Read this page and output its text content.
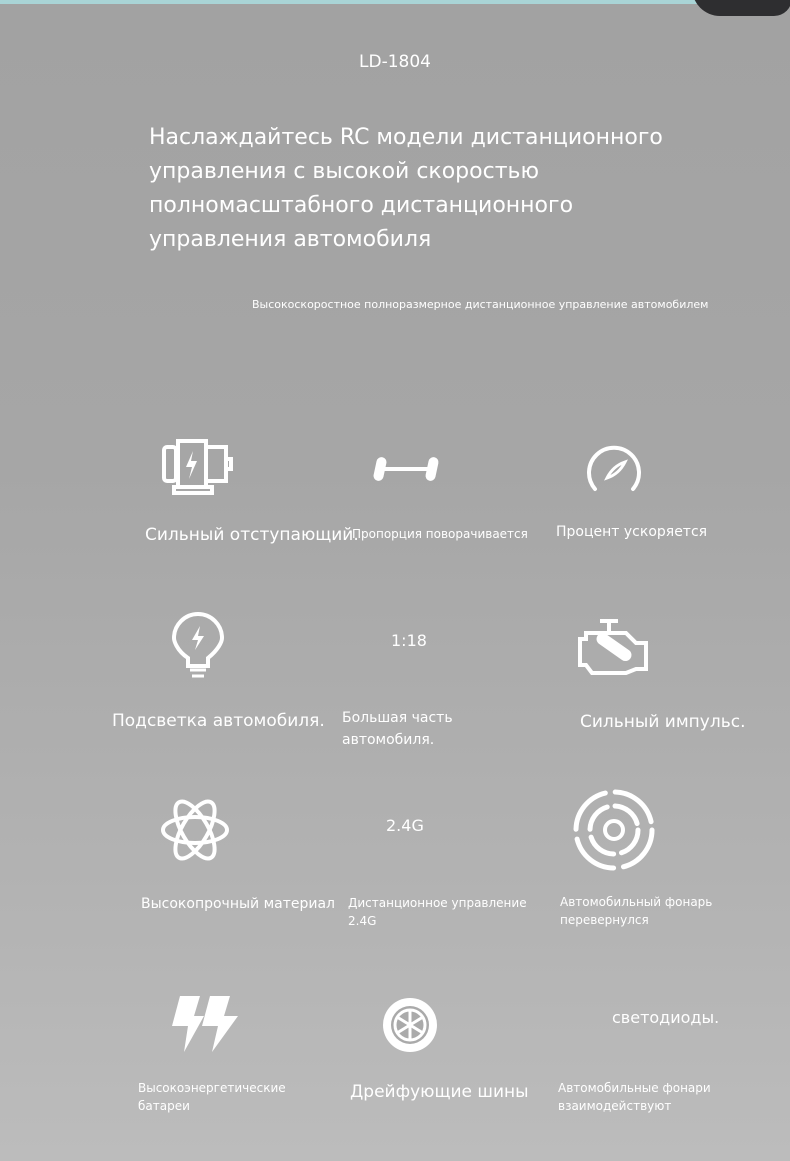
LD-1804
Наслаждайтесь RC модели дистанционного управления с высокой скоростью полномасштабного дистанционного управления автомобиля
Высокоскоростное полноразмерное дистанционное управление автомобилем
Сильный отступающий.
Пропорция поворачивается Процент ускоряется
1:18
Подсветка автомобиля. Большая часть автомобиля.
Сильный импульс.
2.4G
Высокопрочный материал Дистанционное управление 2.4G
Автомобильный фонарь перевернулся
светодиоды.
Высокоэнергетические батареи
Дрейфующие шины Автомобильные фонари взаимодействуют
